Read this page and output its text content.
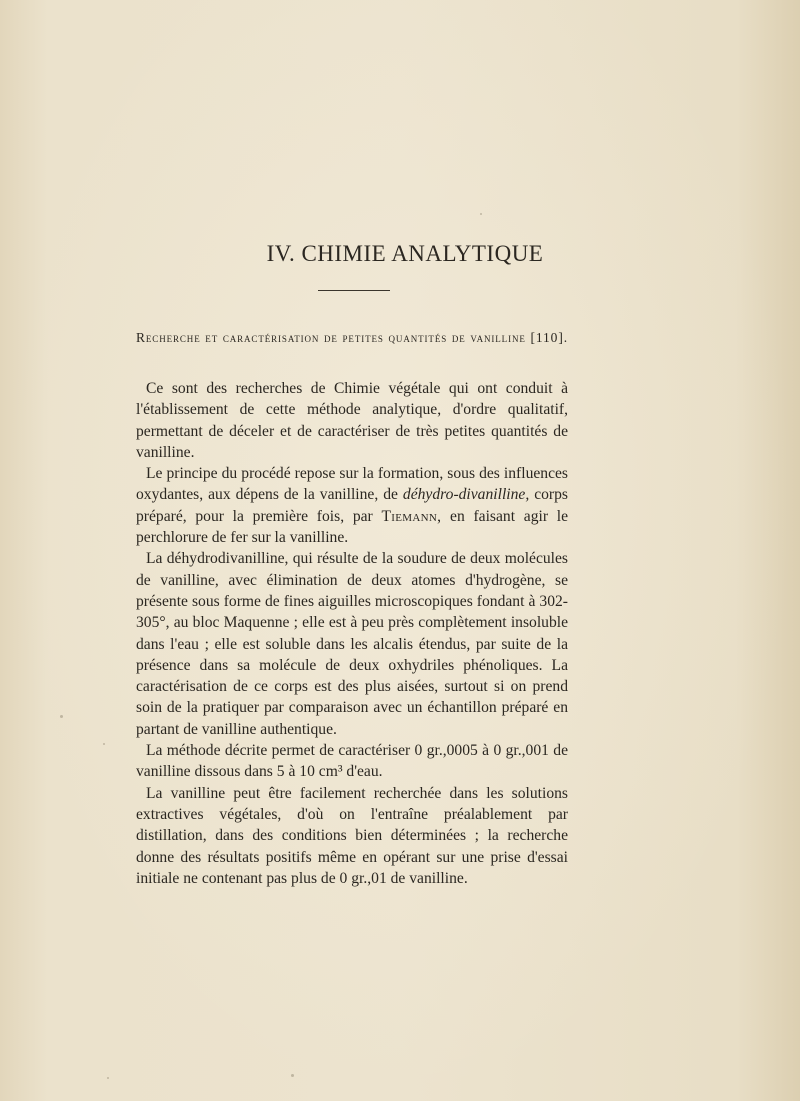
IV. CHIMIE ANALYTIQUE
Recherche et caractérisation de petites quantités de vanilline [110].

Ce sont des recherches de Chimie végétale qui ont conduit à l'établissement de cette méthode analytique, d'ordre qualitatif, permettant de déceler et de caractériser de très petites quantités de vanilline.

Le principe du procédé repose sur la formation, sous des influences oxydantes, aux dépens de la vanilline, de déhydro-divanilline, corps préparé, pour la première fois, par Tiemann, en faisant agir le perchlorure de fer sur la vanilline.

La déhydrodivanilline, qui résulte de la soudure de deux molécules de vanilline, avec élimination de deux atomes d'hydrogène, se présente sous forme de fines aiguilles microscopiques fondant à 302-305°, au bloc Maquenne ; elle est à peu près complètement insoluble dans l'eau ; elle est soluble dans les alcalis étendus, par suite de la présence dans sa molécule de deux oxhydriles phénoliques. La caractérisation de ce corps est des plus aisées, surtout si on prend soin de la pratiquer par comparaison avec un échantillon préparé en partant de vanilline authentique.

La méthode décrite permet de caractériser 0 gr.,0005 à 0 gr.,001 de vanilline dissous dans 5 à 10 cm³ d'eau.

La vanilline peut être facilement recherchée dans les solutions extractives végétales, d'où on l'entraîne préalablement par distillation, dans des conditions bien déterminées ; la recherche donne des résultats positifs même en opérant sur une prise d'essai initiale ne contenant pas plus de 0 gr.,01 de vanilline.
